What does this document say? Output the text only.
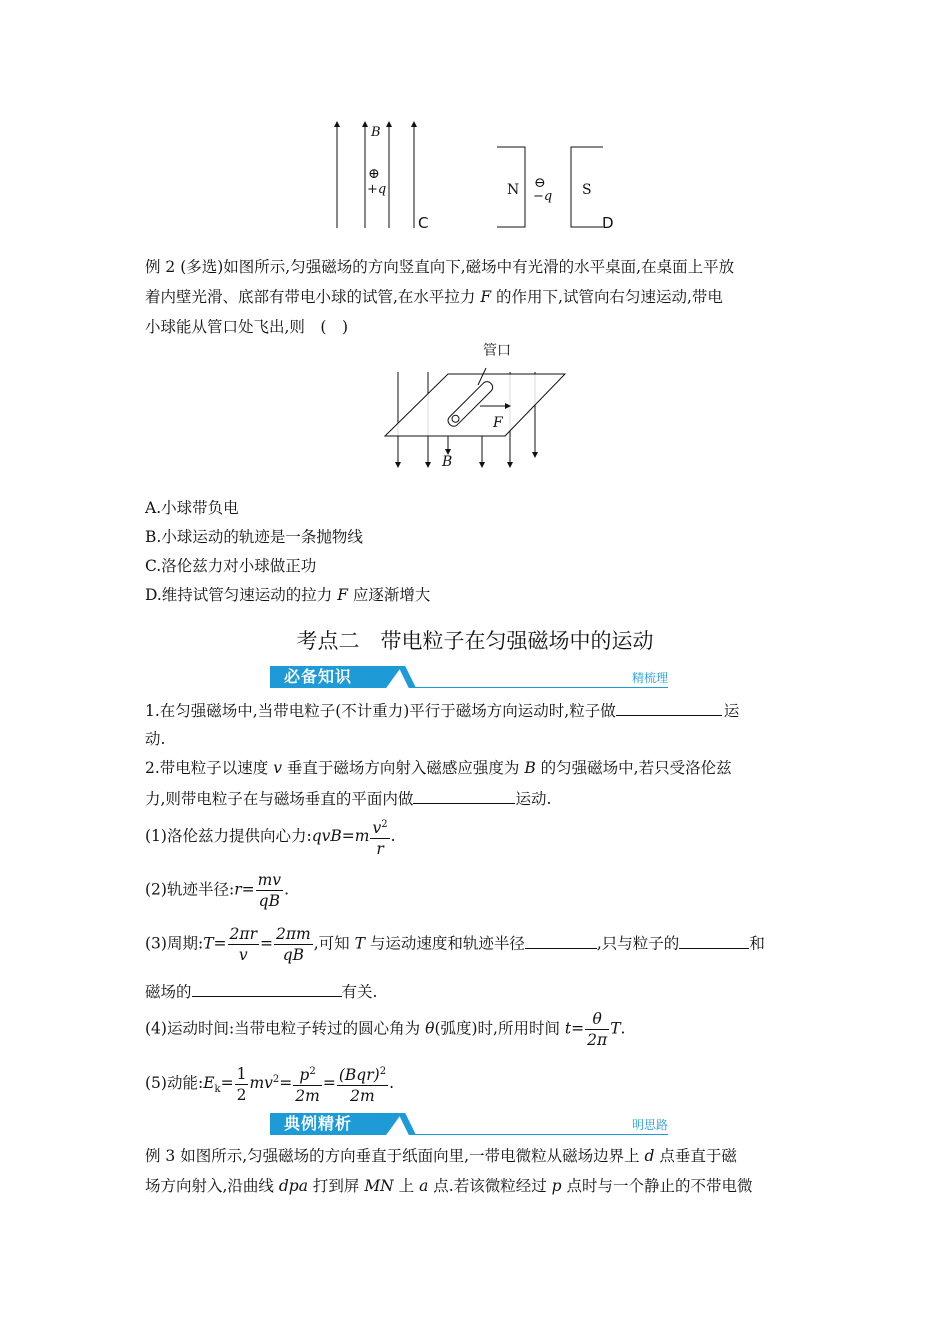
B
⊕
+q
C
N ⊖
−q S
D
例 2 (多选)如图所示,匀强磁场的方向竖直向下,磁场中有光滑的水平桌面,在桌面上平放
着内壁光滑、底部有带电小球的试管,在水平拉力 F 的作用下,试管向右匀速运动,带电
小球能从管口处飞出,则　(　)
管口
F
B
A.小球带负电
B.小球运动的轨迹是一条抛物线
C.洛伦兹力对小球做正功
D.维持试管匀速运动的拉力 F 应逐渐增大
考点二　带电粒子在匀强磁场中的运动
必备知识	精梳理
1.在匀强磁场中,当带电粒子(不计重力)平行于磁场方向运动时,粒子做	运
动.
2.带电粒子以速度 v 垂直于磁场方向射入磁感应强度为 B 的匀强磁场中,若只受洛伦兹
力,则带电粒子在与磁场垂直的平面内做	运动.
(1)洛伦兹力提供向心力:qvB=m $\frac{v^2}{r}$ .
(2)轨迹半径:r= $\frac{mv}{qB}$ .
(3)周期:T= $\frac{2\pi r}{v} = \frac{2\pi m}{qB}$ ,可知 T 与运动速度和轨迹半径	,只与粒子的	和
磁场的	有关.
(4)运动时间:当带电粒子转过的圆心角为 θ(弧度)时,所用时间 $t= \frac{\theta}{2\pi} T$.
(5)动能$:E_k= \frac{1}{2} mv^2= \frac{p^2}{2m} = \frac{(Bqr)^2}{2m}$ .
典例精析	明思路
例 3 如图所示,匀强磁场的方向垂直于纸面向里,一带电微粒从磁场边界上 d 点垂直于磁
场方向射入,沿曲线 dpa 打到屏 MN 上 a 点.若该微粒经过 p 点时与一个静止的不带电微
